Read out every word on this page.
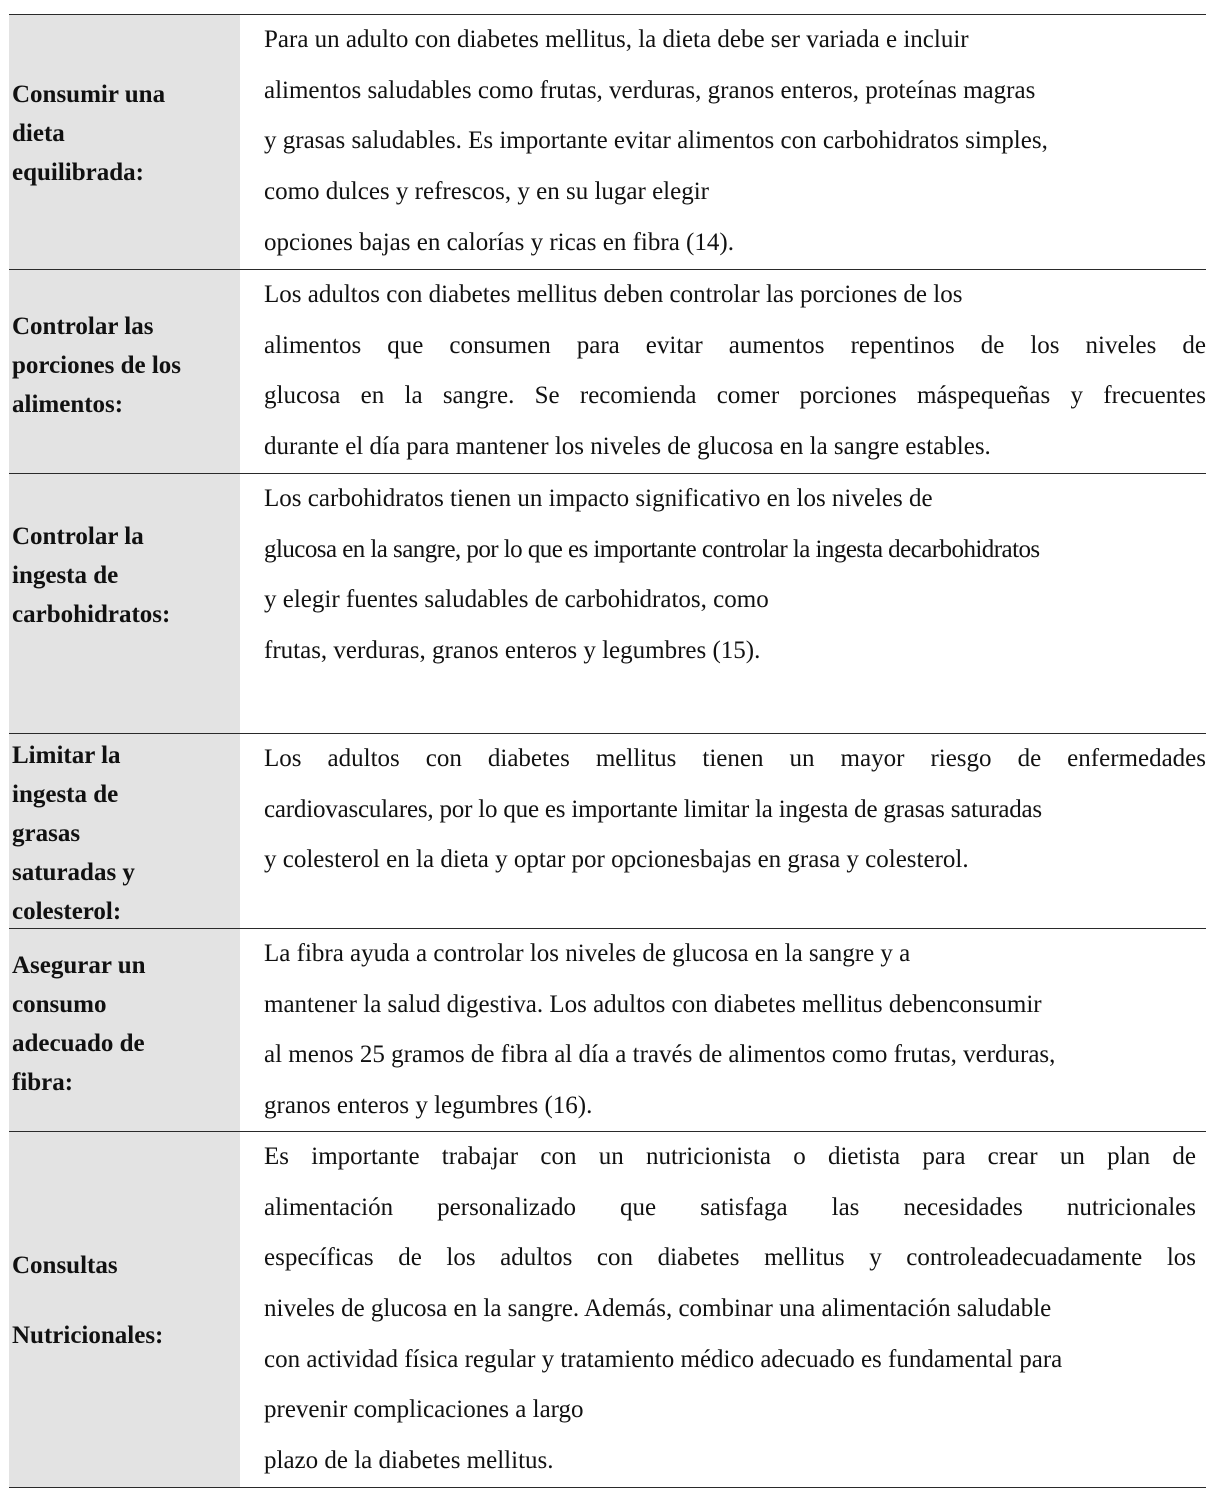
Consumir una
dieta
equilibrada:
Para un adulto con diabetes mellitus, la dieta debe ser variada e incluir
alimentos saludables como frutas, verduras, granos enteros, proteínas magras
y grasas saludables. Es importante evitar alimentos con carbohidratos simples,
como dulces y refrescos, y en su lugar elegir
opciones bajas en calorías y ricas en fibra (14).
Controlar las
porciones de los
alimentos:
Los adultos con diabetes mellitus deben controlar las porciones de los
alimentos que consumen para evitar aumentos repentinos de los niveles de
glucosa en la sangre. Se recomienda comer porciones máspequeñas y frecuentes
durante el día para mantener los niveles de glucosa en la sangre estables.
Controlar la
ingesta de
carbohidratos:
Los carbohidratos tienen un impacto significativo en los niveles de
glucosa en la sangre, por lo que es importante controlar la ingesta decarbohidratos
y elegir fuentes saludables de carbohidratos, como
frutas, verduras, granos enteros y legumbres (15).
Limitar la
ingesta de
grasas
saturadas y
colesterol:
Los adultos con diabetes mellitus tienen un mayor riesgo de enfermedades
cardiovasculares, por lo que es importante limitar la ingesta de grasas saturadas
y colesterol en la dieta y optar por opcionesbajas en grasa y colesterol.
Asegurar un
consumo
adecuado de
fibra:
La fibra ayuda a controlar los niveles de glucosa en la sangre y a
mantener la salud digestiva. Los adultos con diabetes mellitus debenconsumir
al menos 25 gramos de fibra al día a través de alimentos como frutas, verduras,
granos enteros y legumbres (16).
Consultas
Nutricionales:
Es importante trabajar con un nutricionista o dietista para crear un plan de
alimentación personalizado que satisfaga las necesidades nutricionales
específicas de los adultos con diabetes mellitus y controleadecuadamente los
niveles de glucosa en la sangre. Además, combinar una alimentación saludable
con actividad física regular y tratamiento médico adecuado es fundamental para
prevenir complicaciones a largo
plazo de la diabetes mellitus.
